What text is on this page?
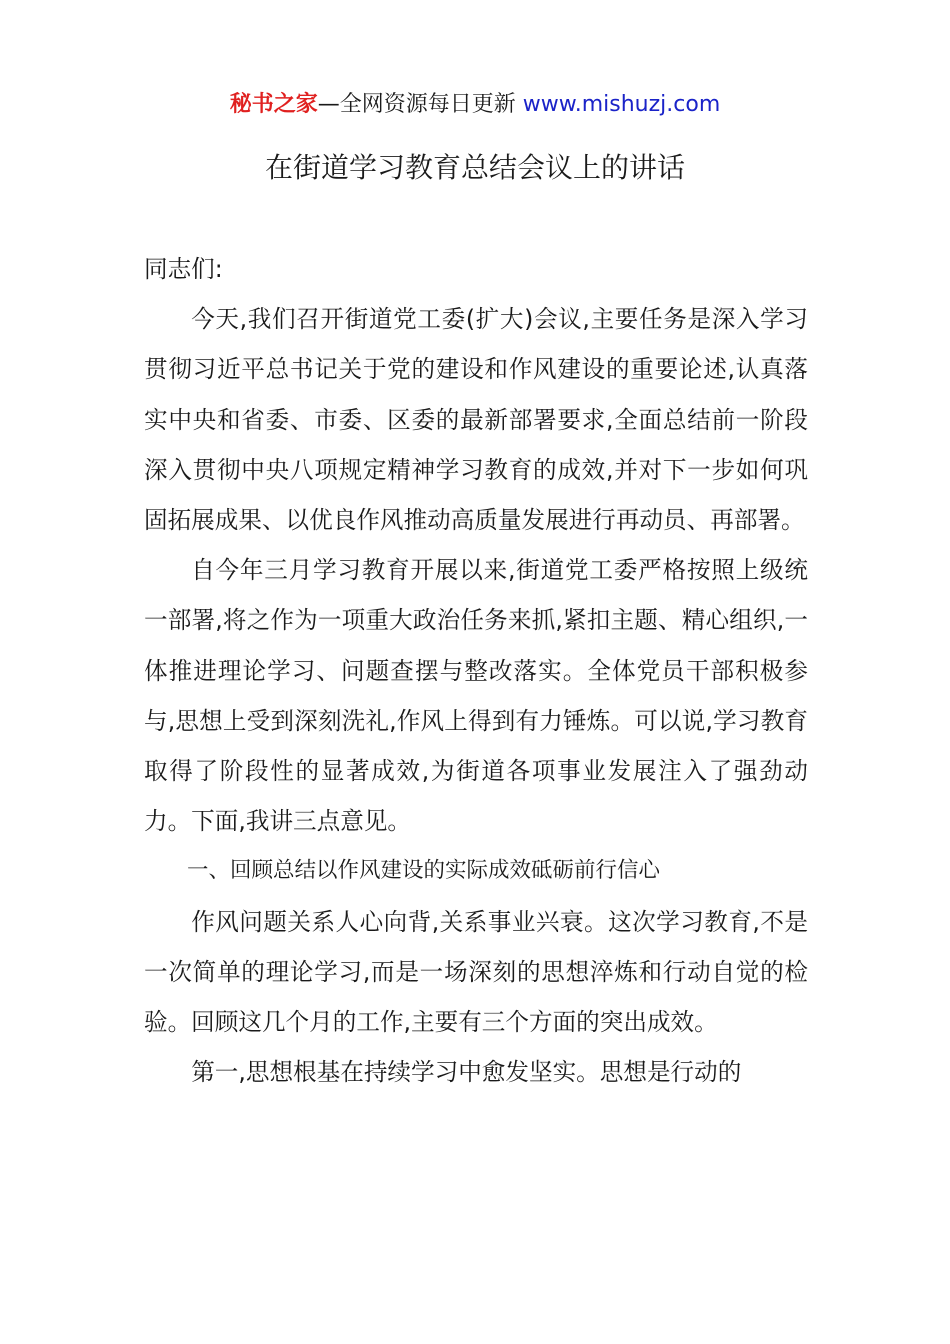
秘书之家—全网资源每日更新 www.mishuzj.com
在街道学习教育总结会议上的讲话

同志们:

今天,我们召开街道党工委(扩大)会议,主要任务是深入学习贯彻习近平总书记关于党的建设和作风建设的重要论述,认真落实中央和省委、市委、区委的最新部署要求,全面总结前一阶段深入贯彻中央八项规定精神学习教育的成效,并对下一步如何巩固拓展成果、以优良作风推动高质量发展进行再动员、再部署。

自今年三月学习教育开展以来,街道党工委严格按照上级统一部署,将之作为一项重大政治任务来抓,紧扣主题、精心组织,一体推进理论学习、问题查摆与整改落实。全体党员干部积极参与,思想上受到深刻洗礼,作风上得到有力锤炼。可以说,学习教育取得了阶段性的显著成效,为街道各项事业发展注入了强劲动力。下面,我讲三点意见。

一、回顾总结以作风建设的实际成效砥砺前行信心

作风问题关系人心向背,关系事业兴衰。这次学习教育,不是一次简单的理论学习,而是一场深刻的思想淬炼和行动自觉的检验。回顾这几个月的工作,主要有三个方面的突出成效。

第一,思想根基在持续学习中愈发坚实。思想是行动的
